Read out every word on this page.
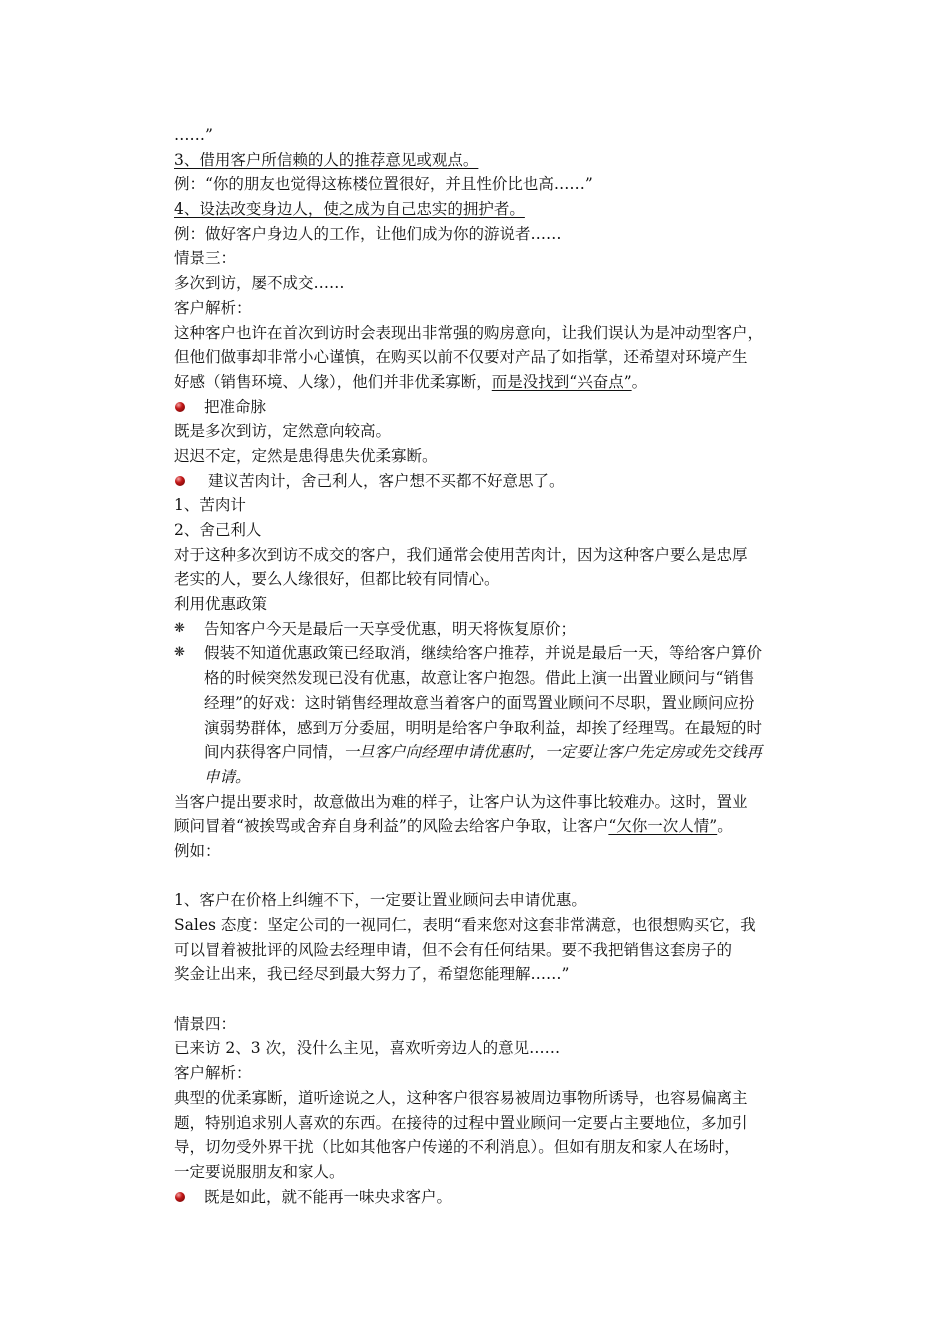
……”
3、借用客户所信赖的人的推荐意见或观点。
例：“你的朋友也觉得这栋楼位置很好，并且性价比也高……”
4、设法改变身边人，使之成为自己忠实的拥护者。
例：做好客户身边人的工作，让他们成为你的游说者……
情景三：
多次到访，屡不成交……
客户解析：
这种客户也许在首次到访时会表现出非常强的购房意向，让我们误认为是冲动型客户，
但他们做事却非常小心谨慎，在购买以前不仅要对产品了如指掌，还希望对环境产生
好感（销售环境、人缘），他们并非优柔寡断，而是没找到“兴奋点”。
把准命脉
既是多次到访，定然意向较高。
迟迟不定，定然是患得患失优柔寡断。
建议苦肉计，舍己利人，客户想不买都不好意思了。
1、苦肉计
2、舍己利人
对于这种多次到访不成交的客户，我们通常会使用苦肉计，因为这种客户要么是忠厚
老实的人，要么人缘很好，但都比较有同情心。
利用优惠政策
❋ 告知客户今天是最后一天享受优惠，明天将恢复原价；
❋ 假装不知道优惠政策已经取消，继续给客户推荐，并说是最后一天，等给客户算价
格的时候突然发现已没有优惠，故意让客户抱怨。借此上演一出置业顾问与“销售
经理”的好戏：这时销售经理故意当着客户的面骂置业顾问不尽职，置业顾问应扮
演弱势群体，感到万分委屈，明明是给客户争取利益，却挨了经理骂。在最短的时
间内获得客户同情，一旦客户向经理申请优惠时，一定要让客户先定房或先交钱再
申请。
当客户提出要求时，故意做出为难的样子，让客户认为这件事比较难办。这时，置业
顾问冒着“被挨骂或舍弃自身利益”的风险去给客户争取，让客户“欠你一次人情”。
例如：
1、客户在价格上纠缠不下，一定要让置业顾问去申请优惠。
Sales 态度：坚定公司的一视同仁，表明“看来您对这套非常满意，也很想购买它，我
可以冒着被批评的风险去经理申请，但不会有任何结果。要不我把销售这套房子的
奖金让出来，我已经尽到最大努力了，希望您能理解……”
情景四：
已来访 2、3 次，没什么主见，喜欢听旁边人的意见……
客户解析：
典型的优柔寡断，道听途说之人，这种客户很容易被周边事物所诱导，也容易偏离主
题，特别追求别人喜欢的东西。在接待的过程中置业顾问一定要占主要地位，多加引
导，切勿受外界干扰（比如其他客户传递的不利消息）。但如有朋友和家人在场时，
一定要说服朋友和家人。
既是如此，就不能再一味央求客户。
